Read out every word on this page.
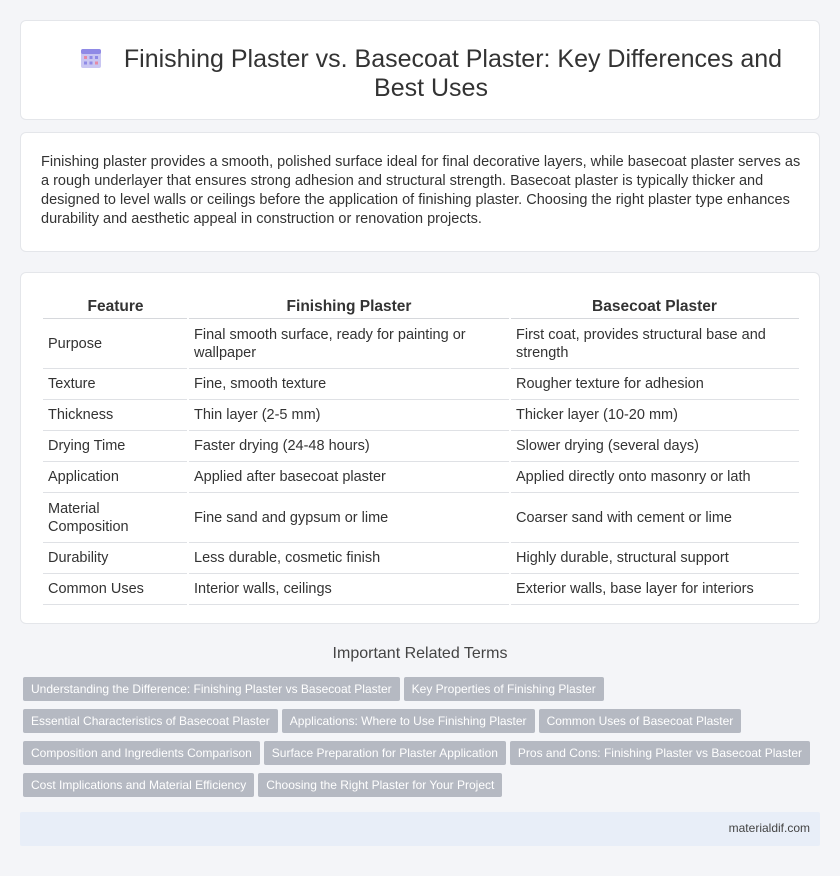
Finishing Plaster vs. Basecoat Plaster: Key Differences and Best Uses

Finishing plaster provides a smooth, polished surface ideal for final decorative layers, while basecoat plaster serves as a rough underlayer that ensures strong adhesion and structural strength. Basecoat plaster is typically thicker and designed to level walls or ceilings before the application of finishing plaster. Choosing the right plaster type enhances durability and aesthetic appeal in construction or renovation projects.

Feature	Finishing Plaster	Basecoat Plaster
Purpose	Final smooth surface, ready for painting or wallpaper	First coat, provides structural base and strength
Texture	Fine, smooth texture	Rougher texture for adhesion
Thickness	Thin layer (2-5 mm)	Thicker layer (10-20 mm)
Drying Time	Faster drying (24-48 hours)	Slower drying (several days)
Application	Applied after basecoat plaster	Applied directly onto masonry or lath
Material Composition	Fine sand and gypsum or lime	Coarser sand with cement or lime
Durability	Less durable, cosmetic finish	Highly durable, structural support
Common Uses	Interior walls, ceilings	Exterior walls, base layer for interiors
Important Related Terms
Understanding the Difference: Finishing Plaster vs Basecoat Plaster Key Properties of Finishing Plaster
Essential Characteristics of Basecoat Plaster Applications: Where to Use Finishing Plaster Common Uses of Basecoat Plaster
Composition and Ingredients Comparison Surface Preparation for Plaster Application Pros and Cons: Finishing Plaster vs Basecoat Plaster
Cost Implications and Material Efficiency Choosing the Right Plaster for Your Project
materialdif.com
